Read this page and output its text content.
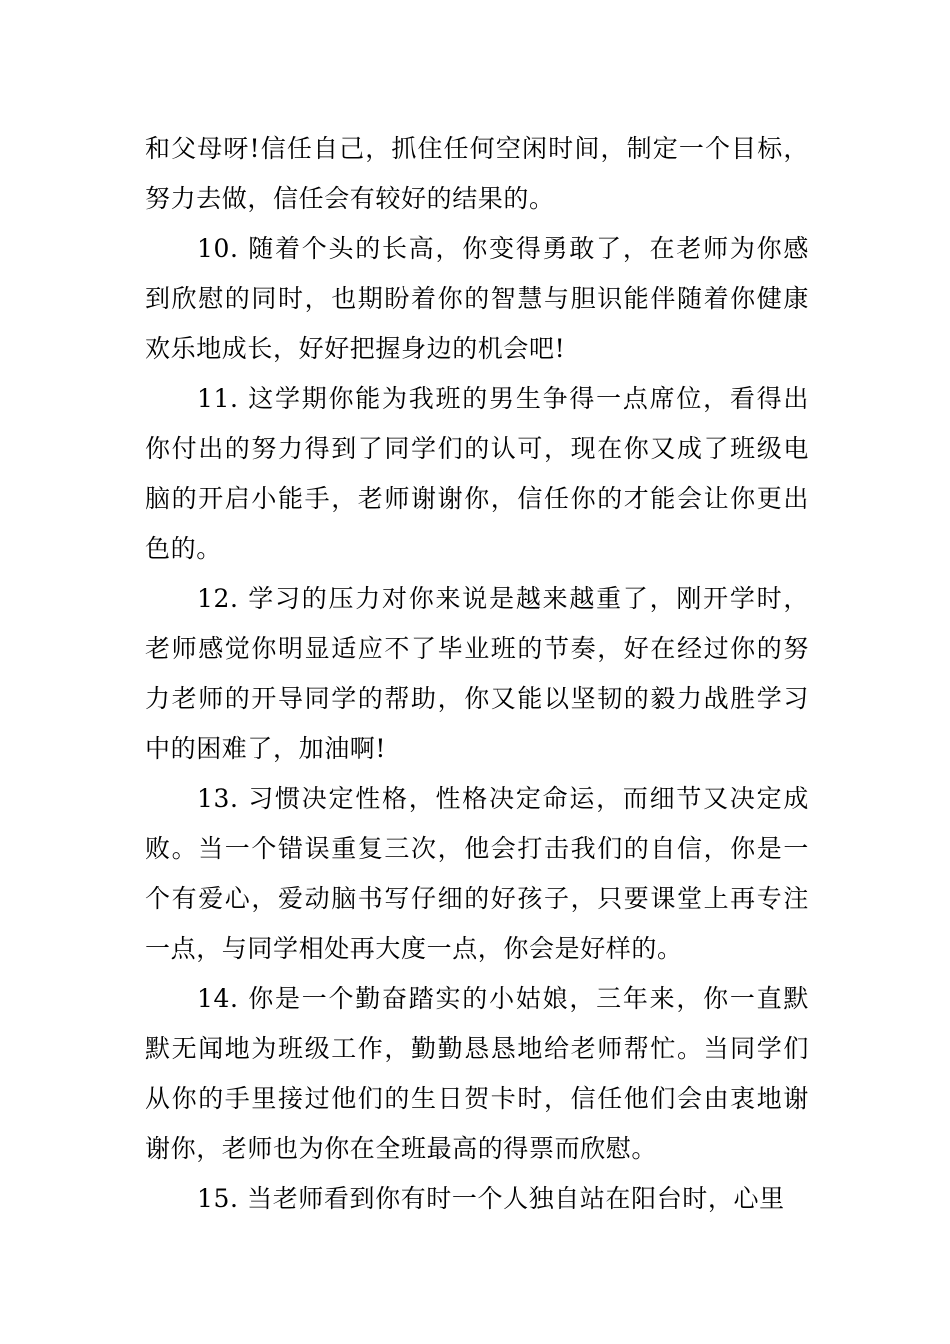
和父母呀!信任自己，抓住任何空闲时间，制定一个目标，努力去做，信任会有较好的结果的。

10. 随着个头的长高，你变得勇敢了，在老师为你感到欣慰的同时，也期盼着你的智慧与胆识能伴随着你健康欢乐地成长，好好把握身边的机会吧!

11. 这学期你能为我班的男生争得一点席位，看得出你付出的努力得到了同学们的认可，现在你又成了班级电脑的开启小能手，老师谢谢你，信任你的才能会让你更出色的。

12. 学习的压力对你来说是越来越重了，刚开学时，老师感觉你明显适应不了毕业班的节奏，好在经过你的努力老师的开导同学的帮助，你又能以坚韧的毅力战胜学习中的困难了，加油啊!

13. 习惯决定性格，性格决定命运，而细节又决定成败。当一个错误重复三次，他会打击我们的自信，你是一个有爱心，爱动脑书写仔细的好孩子，只要课堂上再专注一点，与同学相处再大度一点，你会是好样的。

14. 你是一个勤奋踏实的小姑娘，三年来，你一直默默无闻地为班级工作，勤勤恳恳地给老师帮忙。当同学们从你的手里接过他们的生日贺卡时，信任他们会由衷地谢谢你，老师也为你在全班最高的得票而欣慰。

15. 当老师看到你有时一个人独自站在阳台时，心里
